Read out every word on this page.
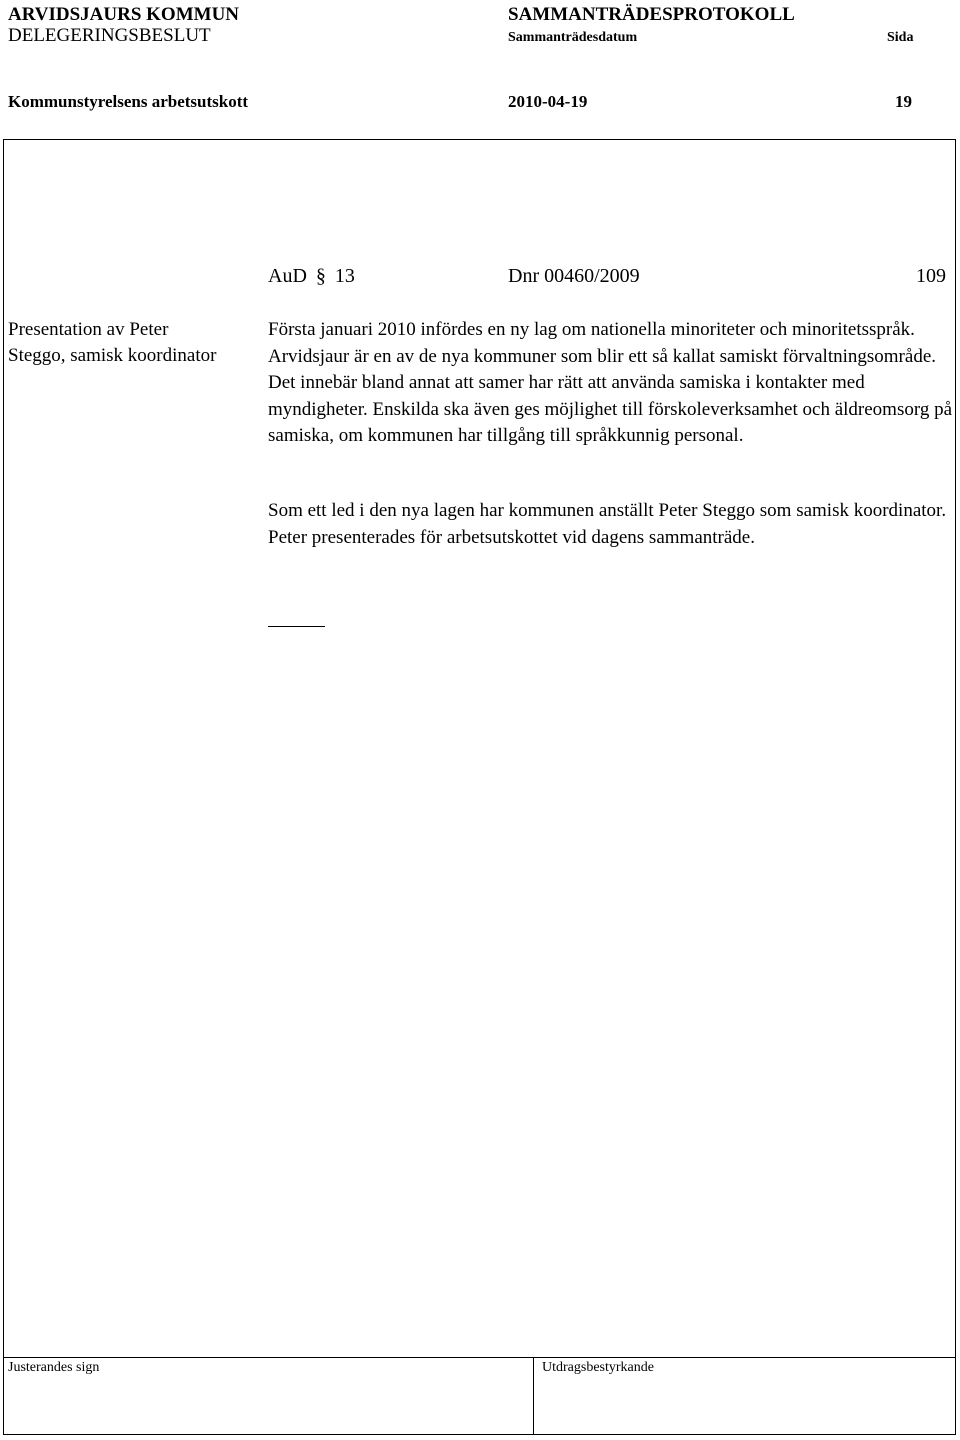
ARVIDSJAURS KOMMUN
DELEGERINGSBESLUT
SAMMANTRÄDESPROTOKOLL
Sammanträdesdatum	Sida
Kommunstyrelsens arbetsutskott	2010-04-19	19
AuD § 13	Dnr 00460/2009	109
Presentation av Peter
Steggo, samisk koordinator
Första januari 2010 infördes en ny lag om nationella minoriteter och minoritetsspråk. Arvidsjaur är en av de nya kommuner som blir ett så kallat samiskt förvaltningsområde. Det innebär bland annat att samer har rätt att använda samiska i kontakter med myndigheter. Enskilda ska även ges möjlighet till förskoleverksamhet och äldreomsorg på samiska, om kommunen har tillgång till språkkunnig personal.
Som ett led i den nya lagen har kommunen anställt Peter Steggo som samisk koordinator. Peter presenterades för arbetsutskottet vid dagens sammanträde.
Justerandes sign	Utdragsbestyrkande
